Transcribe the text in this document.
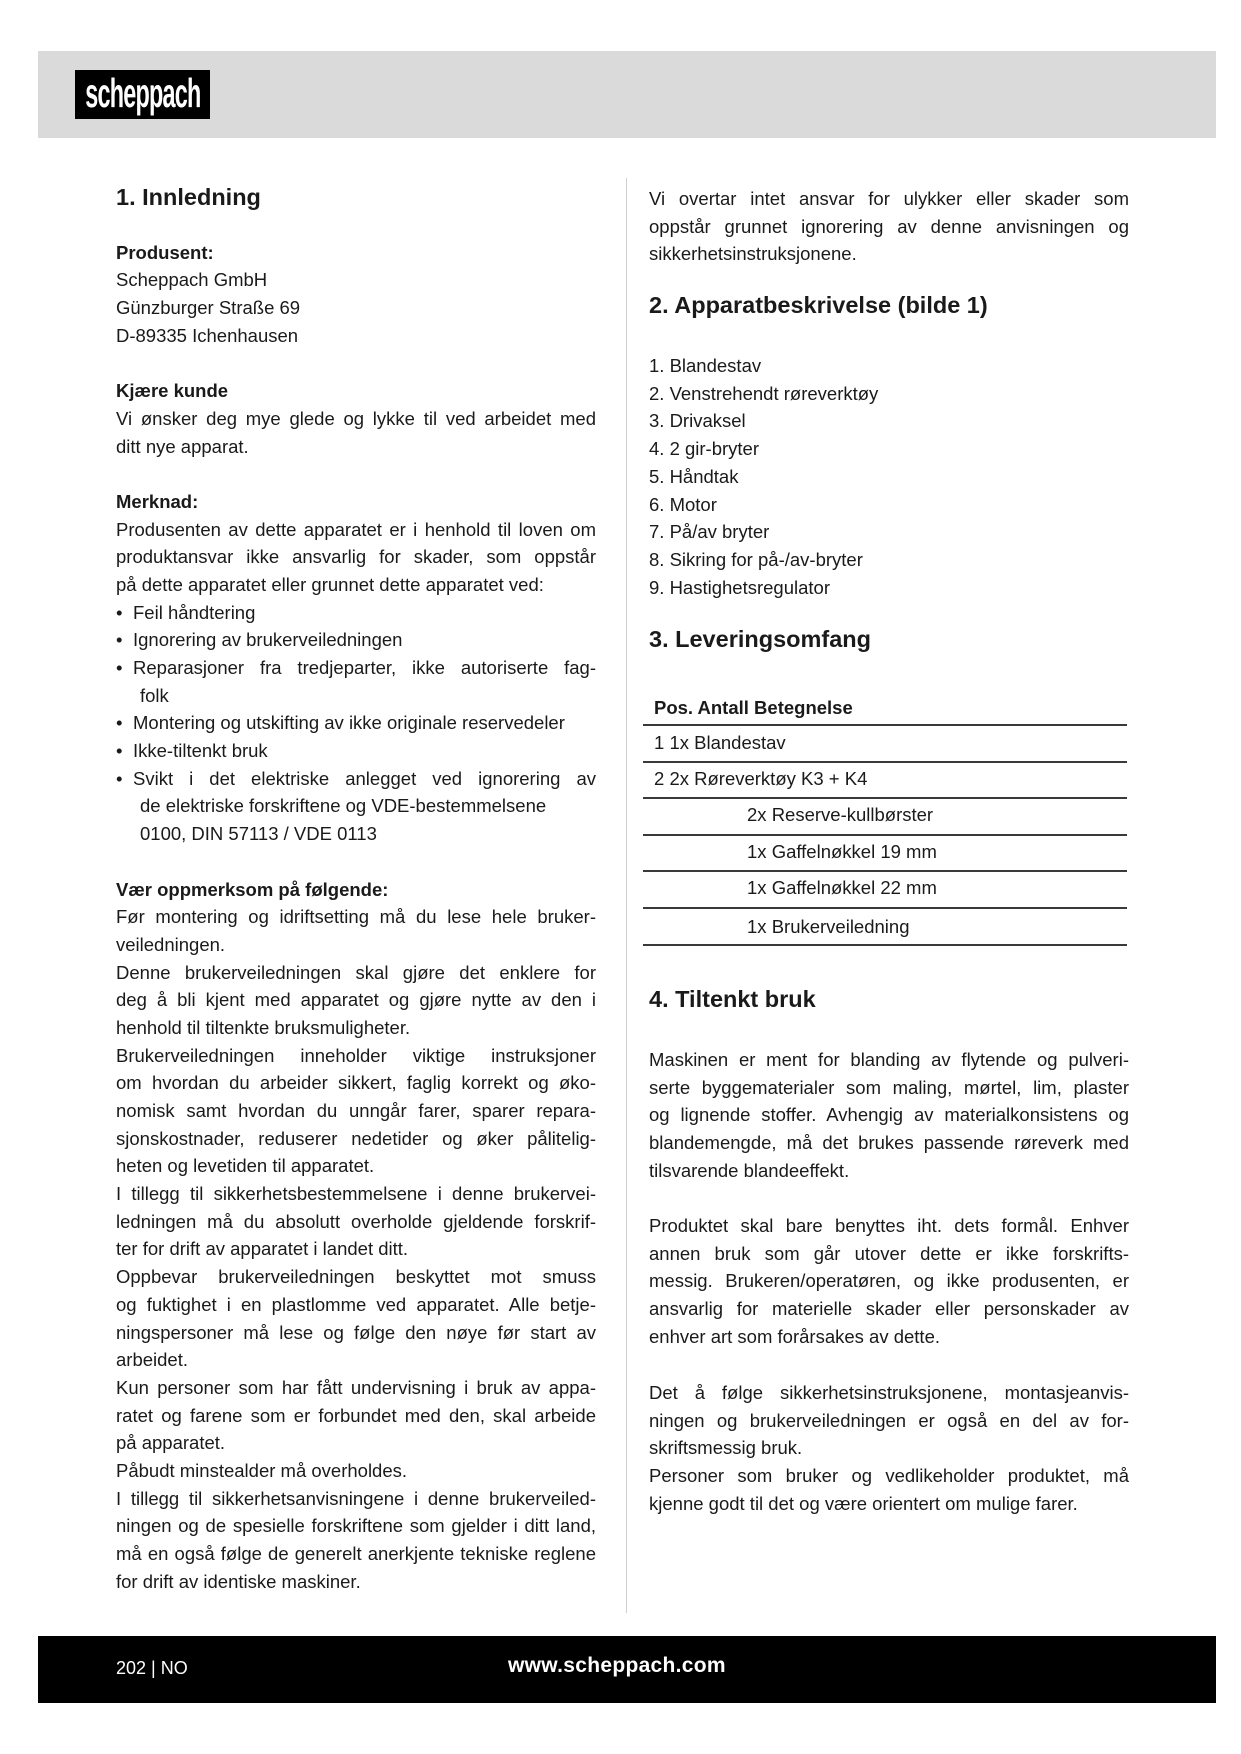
scheppach
1. Innledning
Produsent:
Scheppach GmbH
Günzburger Straße 69
D-89335 Ichenhausen
Kjære kunde
Vi ønsker deg mye glede og lykke til ved arbeidet med
ditt nye apparat.
Merknad:
Produsenten av dette apparatet er i henhold til loven om
produktansvar ikke ansvarlig for skader, som oppstår
på dette apparatet eller grunnet dette apparatet ved:
• Feil håndtering
• Ignorering av brukerveiledningen
• Reparasjoner fra tredjeparter, ikke autoriserte fag-
folk
• Montering og utskifting av ikke originale reservedeler
• Ikke-tiltenkt bruk
• Svikt i det elektriske anlegget ved ignorering av
de elektriske forskriftene og VDE-bestemmelsene
0100, DIN 57113 / VDE 0113
Vær oppmerksom på følgende:
Før montering og idriftsetting må du lese hele bruker-
veiledningen.
Denne brukerveiledningen skal gjøre det enklere for
deg å bli kjent med apparatet og gjøre nytte av den i
henhold til tiltenkte bruksmuligheter.
Brukerveiledningen inneholder viktige instruksjoner
om hvordan du arbeider sikkert, faglig korrekt og øko-
nomisk samt hvordan du unngår farer, sparer repara-
sjonskostnader, reduserer nedetider og øker pålitelig-
heten og levetiden til apparatet.
I tillegg til sikkerhetsbestemmelsene i denne brukervei-
ledningen må du absolutt overholde gjeldende forskrif-
ter for drift av apparatet i landet ditt.
Oppbevar brukerveiledningen beskyttet mot smuss
og fuktighet i en plastlomme ved apparatet. Alle betje-
ningspersoner må lese og følge den nøye før start av
arbeidet.
Kun personer som har fått undervisning i bruk av appa-
ratet og farene som er forbundet med den, skal arbeide
på apparatet.
Påbudt minstealder må overholdes.
I tillegg til sikkerhetsanvisningene i denne brukerveiled-
ningen og de spesielle forskriftene som gjelder i ditt land,
må en også følge de generelt anerkjente tekniske reglene
for drift av identiske maskiner.
Vi overtar intet ansvar for ulykker eller skader som
oppstår grunnet ignorering av denne anvisningen og
sikkerhetsinstruksjonene.
2. Apparatbeskrivelse (bilde 1)
1. Blandestav
2. Venstrehendt røreverktøy
3. Drivaksel
4. 2 gir-bryter
5. Håndtak
6. Motor
7. På/av bryter
8. Sikring for på-/av-bryter
9. Hastighetsregulator
3. Leveringsomfang
Pos. Antall Betegnelse
1 1x Blandestav
2 2x Røreverktøy K3 + K4
2x Reserve-kullbørster
1x Gaffelnøkkel 19 mm
1x Gaffelnøkkel 22 mm
1x Brukerveiledning
4. Tiltenkt bruk
Maskinen er ment for blanding av flytende og pulveri-
serte byggematerialer som maling, mørtel, lim, plaster
og lignende stoffer. Avhengig av materialkonsistens og
blandemengde, må det brukes passende røreverk med
tilsvarende blandeeffekt.
Produktet skal bare benyttes iht. dets formål. Enhver
annen bruk som går utover dette er ikke forskrifts-
messig. Brukeren/operatøren, og ikke produsenten, er
ansvarlig for materielle skader eller personskader av
enhver art som forårsakes av dette.
Det å følge sikkerhetsinstruksjonene, montasjeanvis-
ningen og brukerveiledningen er også en del av for-
skriftsmessig bruk.
Personer som bruker og vedlikeholder produktet, må
kjenne godt til det og være orientert om mulige farer.
202 | NO	www.scheppach.com
